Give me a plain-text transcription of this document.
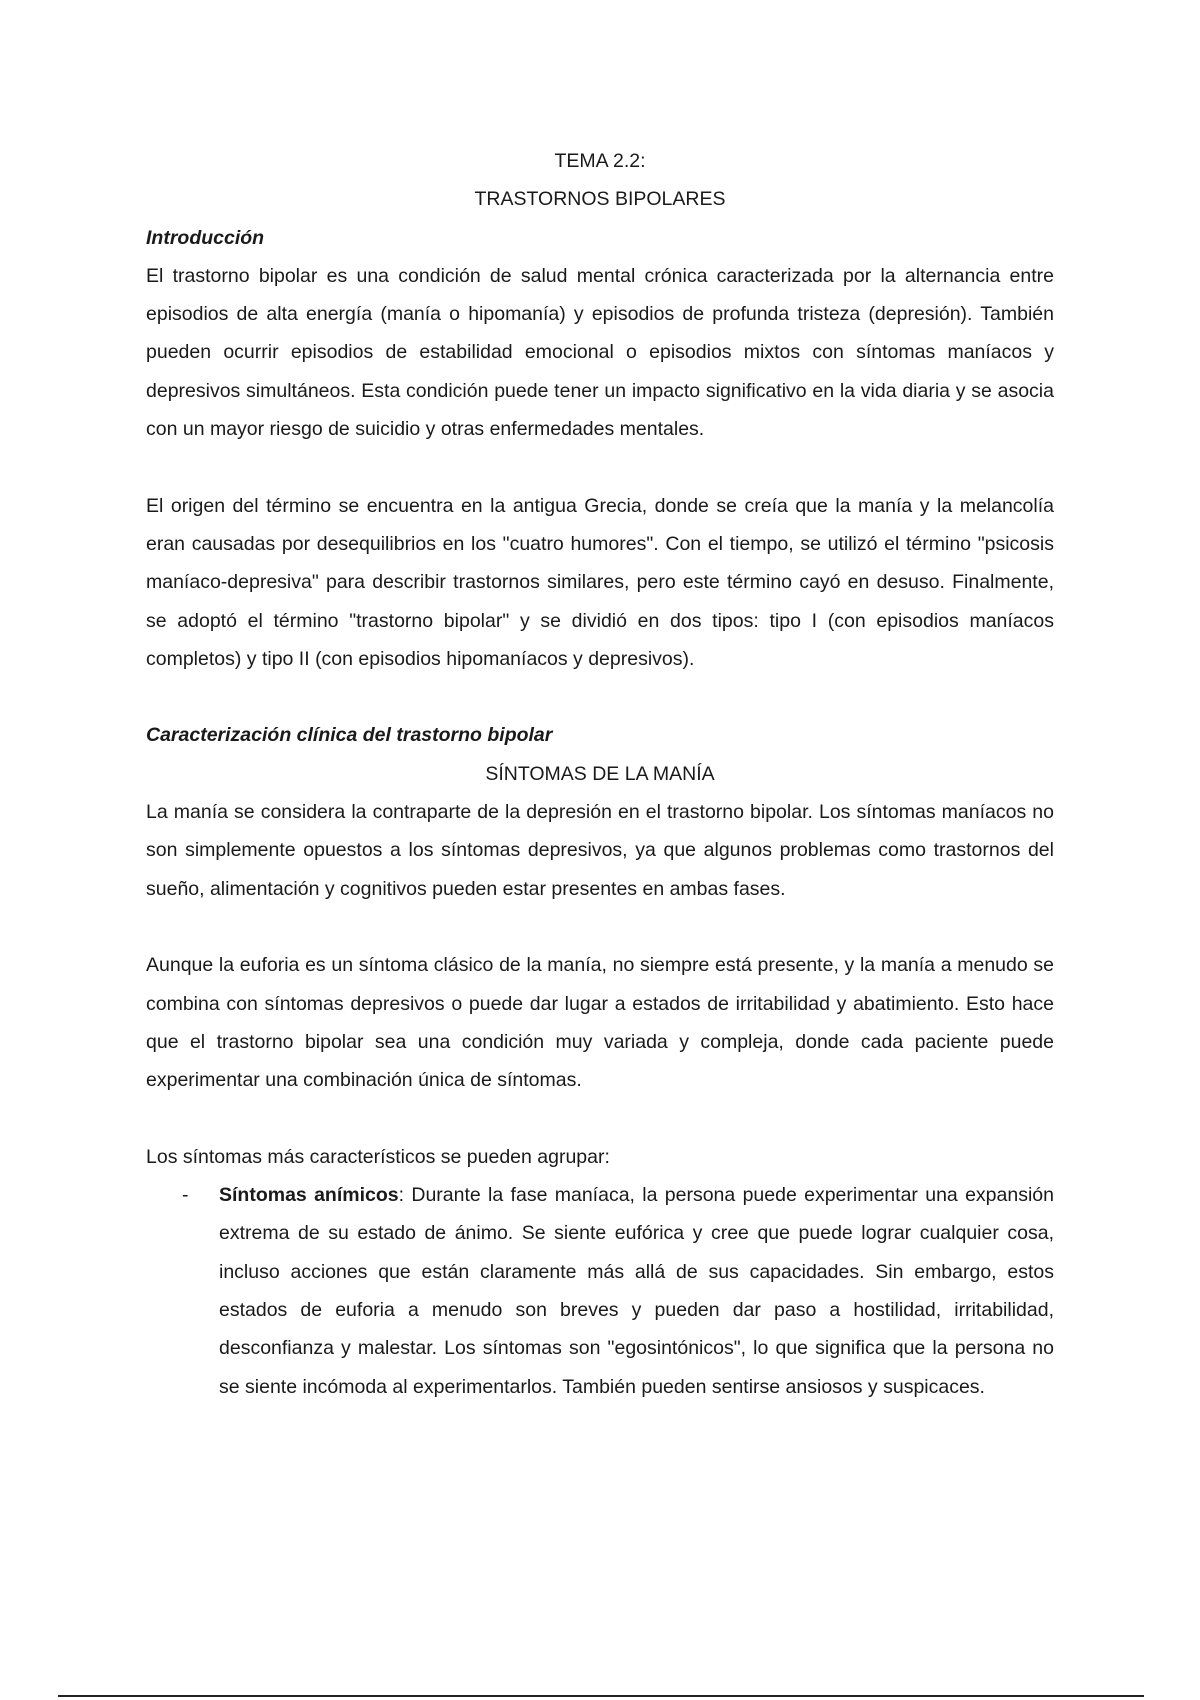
TEMA 2.2:
TRASTORNOS BIPOLARES
Introducción

El trastorno bipolar es una condición de salud mental crónica caracterizada por la alternancia entre episodios de alta energía (manía o hipomanía) y episodios de profunda tristeza (depresión). También pueden ocurrir episodios de estabilidad emocional o episodios mixtos con síntomas maníacos y depresivos simultáneos. Esta condición puede tener un impacto significativo en la vida diaria y se asocia con un mayor riesgo de suicidio y otras enfermedades mentales.

El origen del término se encuentra en la antigua Grecia, donde se creía que la manía y la melancolía eran causadas por desequilibrios en los "cuatro humores". Con el tiempo, se utilizó el término "psicosis maníaco-depresiva" para describir trastornos similares, pero este término cayó en desuso. Finalmente, se adoptó el término "trastorno bipolar" y se dividió en dos tipos: tipo I (con episodios maníacos completos) y tipo II (con episodios hipomaníacos y depresivos).

Caracterización clínica del trastorno bipolar
SÍNTOMAS DE LA MANÍA

La manía se considera la contraparte de la depresión en el trastorno bipolar. Los síntomas maníacos no son simplemente opuestos a los síntomas depresivos, ya que algunos problemas como trastornos del sueño, alimentación y cognitivos pueden estar presentes en ambas fases.

Aunque la euforia es un síntoma clásico de la manía, no siempre está presente, y la manía a menudo se combina con síntomas depresivos o puede dar lugar a estados de irritabilidad y abatimiento. Esto hace que el trastorno bipolar sea una condición muy variada y compleja, donde cada paciente puede experimentar una combinación única de síntomas.

Los síntomas más característicos se pueden agrupar:

- Síntomas anímicos: Durante la fase maníaca, la persona puede experimentar una expansión extrema de su estado de ánimo. Se siente eufórica y cree que puede lograr cualquier cosa, incluso acciones que están claramente más allá de sus capacidades. Sin embargo, estos estados de euforia a menudo son breves y pueden dar paso a hostilidad, irritabilidad, desconfianza y malestar. Los síntomas son "egosintónicos", lo que significa que la persona no se siente incómoda al experimentarlos. También pueden sentirse ansiosos y suspicaces.
